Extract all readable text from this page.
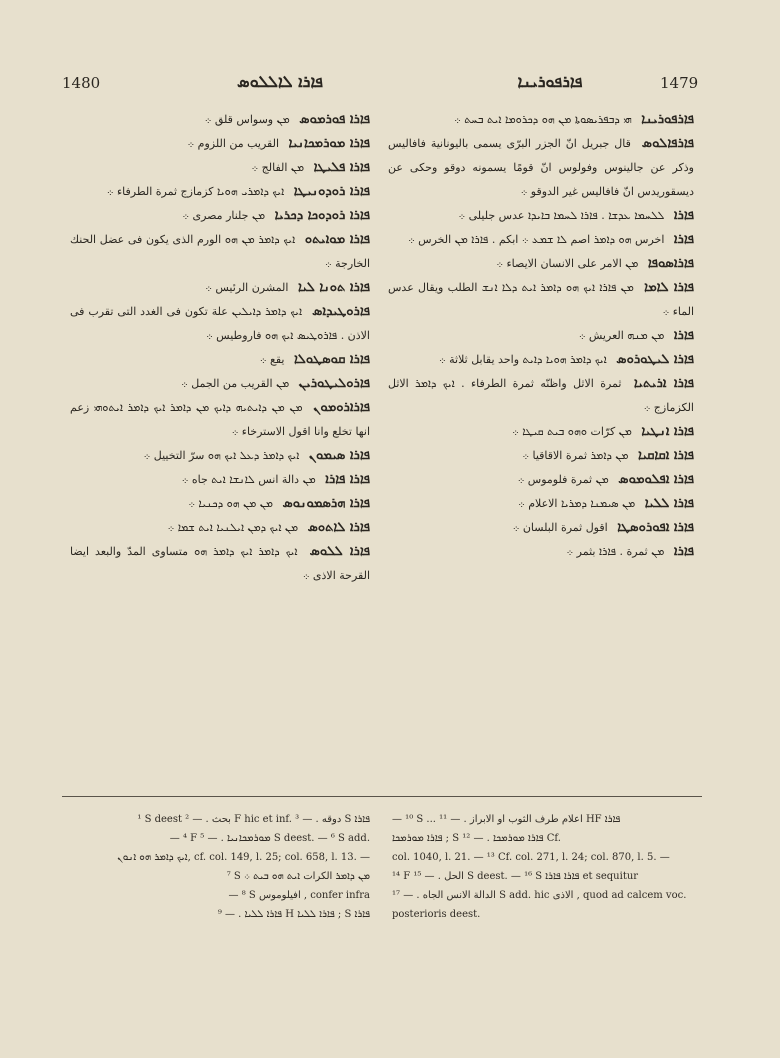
1480	ܦܐܪܐ ܠܐܠܠܘܣ	ܦܐܪܦܘܪܝܢܐ	1479
ܦܐܪܐ ܦܘܪܡܘܣ ܡܢ وسواس قلق ܀
ܦܐܪܐ ܡܘܪܡܟܐܢܝܐ القريب من اللزوم ܀
ܦܐܪܐ ܦܠܝܛܐ ܡܢ الفالج ܀
ܦܐܪܐ ܪܘܕܘܢܝܛܐ ܐܝܟ ܕܐܡܪܝ ܗܘܝܐ كزمازج ثمرة الطرفاء ܀
ܦܐܪܐ ܪܘܕܘܟܐ ܕܟܪܝܐ ܡܢ جلنار مصرى ܀
ܦܐܪܐ ܡܘܐܝܬܘ ܐܝܟ ܕܐܡܪ ܡܢ ܗܘ الورم الذى يكون فى عضل الحنك الخارجة ܀
ܦܐܪܐ ܬܘܢܐ ܠܝܐ المشرن الرئيس ܀
ܦܐܪܘܛܝܕܐܣ ܐܝܟ ܕܐܡܪ ܕܐܝܠܝܢ علة تكون فى الغدد التى تقرب فى الاذن . ܦܐܪܘܛܝܣ ܐܝܟ ܗܘ فاروطيس ܀
ܦܐܪܐ ܩܘܣܛܘܠܐ يقع ܀
ܦܐܪܘܠܝܛܘܪܝܢ ܡܢ القريب من الجمل ܀
ܦܐܪܐܪܘܡܘܢ ܡܢ ܡܢ ܕܐܝܬܝܗ ܕܐܝܟ ܡܢ ܕܐܡܪ ܐܝܟ ܕܐܡܪ ܐܝܬܘܗܝ زعم انها تخلع وانا اقول الاسترخاء ܀
ܦܐܪܐ ܣܝܡܘܢ ܐܝܟ ܕܐܡܪ ܕܥܠ ܐܝܟ ܗܘ سرّ التخييل ܀
ܦܐܪܐ ܦܐܪܐ ܡܢ دالة انس ܠܐܢܫܐ ܐܝܬ جاه ܀
ܦܐܪܐ ܗܪܣܡܘܢܘܣ ܡܢ ܡܢ ܗܘ ܕܟܢܝܐ ܀
ܦܐܪܐ ܠܐܬܘܣ ܡܢ ܐܝܟ ܕܡܢ ܐܝܠܢܝܐ ܐܝܬ ܫܡܐ ܀
ܦܐܪܐ ܠܠܘܣ ܐܝܟ ܕܐܡܪ ܐܝܟ ܕܐܡܪ ܗܘ متساوى المدّ والبعد ايضا القرحة الاذى ܀
ܦܐܪܦܘܪܝܢܐ ܗܝ ܕܒܦܪܝܣܘܬܐ ܡܢ ܗܘ ܕܟܪܘܡܐ ܐܝܬ ܒܚܬ ܀
ܦܐܪܦܐܠܘܣ قال جبريل انّ الجزر البرّى يسمى باليونانية فافاليس وذكر عن جالينوس وفولوس انّ قومًا يسمونه دوقو وحكى عن ديسقوريدس انّ فافاليس غير الدوقو ܀
ܦܐܪܐ ܠܠܚܡܐ ܥܕܫܐ . ܦܐܪܐ ܠܚܡܐ ܒܐܝܕܐ عدس جليلى ܀
ܦܐܪܐ اخرس ܗܘ ܕܐܡܪ اصم ܠܐ ܫܡܥ ܀ ابكم . ܦܐܪܐ ܡܢ الخرس ܀
ܦܐܪܐܣܘܦܐ ܡܢ الامر على الانسان الايصاء ܀
ܦܐܪܐ ܠܐܡܐ ܡܢ ܦܐܪܐ ܐܝܟ ܗܘ ܕܐܡܪ ܐܝܬ ܕܠܐ ܐܢܫ الطلب ويقال عدس الماء ܀
ܦܐܪܐ ܡܢ ܡܢܗ العريش ܀
ܦܐܪܐ ܠܝܛܘܪܘܣ ܐܝܟ ܕܐܡܪ ܗܘܝܐ ܕܐܝܬ واحد يقابل ثلاثة ܀
ܦܐܪܐ ܐܪܝܬܝܐ ثمرة الاثل واظنّه ثمرة الطرفاء . ܐܝܟ ܕܐܡܪ الاثل الكزمازج ܀
ܦܐܪܐ ܐܢܛܝܐ ܡܢ كرّات ܘܗܘ ܒܝܬ ܩܝܛܐ ܀
ܦܐܪܐ ܐܩܐܩܝܐ ܡܢ ܕܐܡܪ ثمرة الاقاقيا ܀
ܦܐܪܐ ܐܦܠܘܡܘܣ ܡܢ ثمرة فلوموس ܀
ܦܐܪܐ ܠܠܝܐ ܡܢ ܣܝܡܢܐ ܕܡܪܝܐ الاعلام ܀
ܦܐܪܐ ܐܦܘܪܘܣܛܐ اقول ثمرة البلسان ܀
ܦܐܪܐ ܡܢ ثمرة . ܦܐܪܐ بثمر ܀

¹ S deest بحث . — ² F hic et inf. دوقه . — ³ S ܦܐܪܐ

— ⁴ F ܡܘܪܡܟܐܢܝܐ . — ⁵ S deest. — ⁶ S add.

ܐܝܟ ܕܐܡܪ ܗܘ ܐܢܘܢ, cf. col. 149, l. 25; col. 658, l. 13. —

⁷ S ܡܢ ܕܐܡܪ الكرات ܐܝܬ ܗܘ ܒܝܬ ܀

— ⁸ S افيلوموس , confer infra

ܦܐܪܐ ܠܠܝܐ . — ⁹ H ܦܐܪܐ ܠܠܝܐ ; S ܦܐܪܐ

— ¹⁰ S ... اعلام طرف الثوب او الابراز . — ¹¹ HF ܦܐܪܐ

ܦܐܪܐ ܡܘܪܡܟܐ ; S ܦܐܪܐ ܡܘܪܡܟܐ . — ¹² Cf.

col. 1040, l. 21. — ¹³ Cf. col. 271, l. 24; col. 870, l. 5. —

¹⁴ F الحل . — ¹⁵ S deest. — ¹⁶ S ܦܐܪܐ ܦܐܪܐ et sequitur

الدالة الانس الجاه . — ¹⁷ S add. hic الاذى , quod ad calcem voc.

posterioris deest.
